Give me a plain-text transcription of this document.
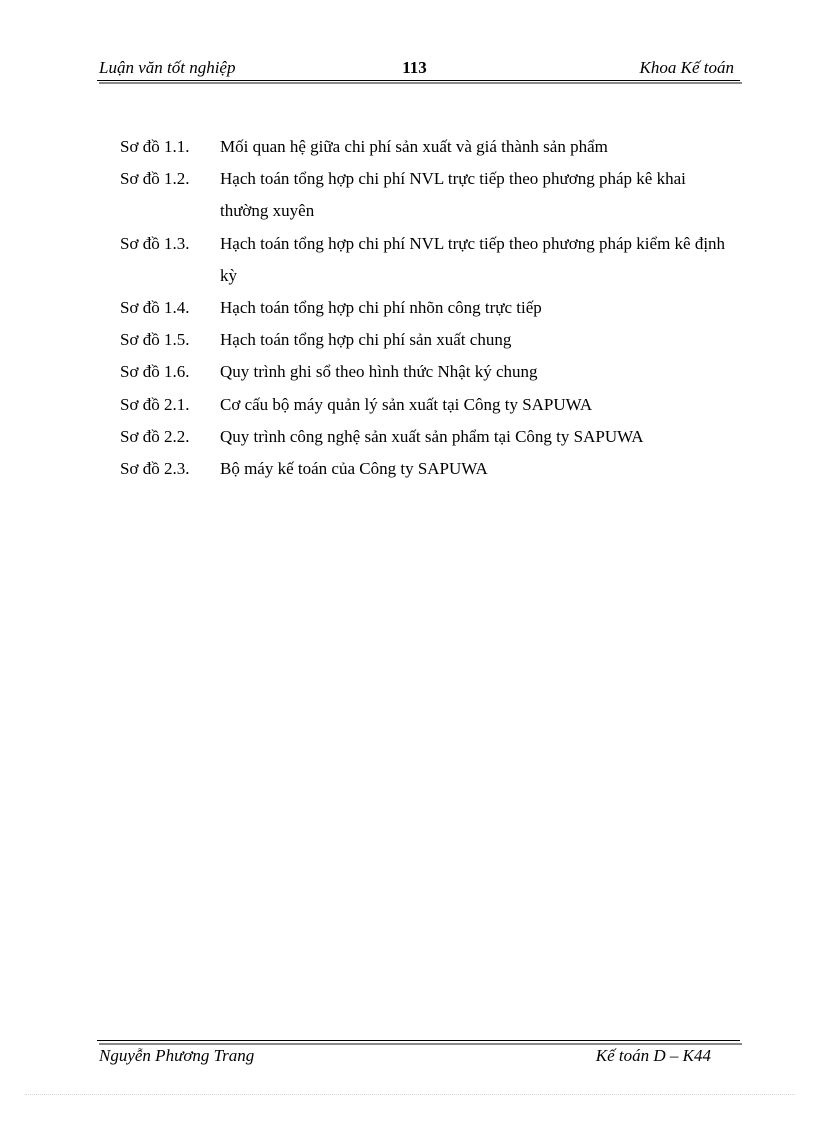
Luận văn tốt nghiệp	113	Khoa Kế toán
Sơ đồ 1.1.	Mối quan hệ giữa chi phí sản xuất và giá thành sản phẩm
Sơ đồ 1.2.	Hạch toán tổng hợp chi phí NVL trực tiếp theo phương pháp kê khai thường xuyên
Sơ đồ 1.3.	Hạch toán tổng hợp chi phí NVL trực tiếp theo phương pháp kiểm kê định kỳ
Sơ đồ 1.4.	Hạch toán tổng hợp chi phí nhõn công trực tiếp
Sơ đồ 1.5.	Hạch toán tổng hợp chi phí sản xuất chung
Sơ đồ 1.6.	Quy trình ghi sổ theo hình thức Nhật ký chung
Sơ đồ 2.1.	Cơ cấu bộ máy quản lý sản xuất tại Công ty SAPUWA
Sơ đồ 2.2.	Quy trình công nghệ sản xuất sản phẩm tại Công ty SAPUWA
Sơ đồ 2.3.	Bộ máy kế toán của Công ty SAPUWA
Nguyễn Phương Trang	Kế toán D – K44
